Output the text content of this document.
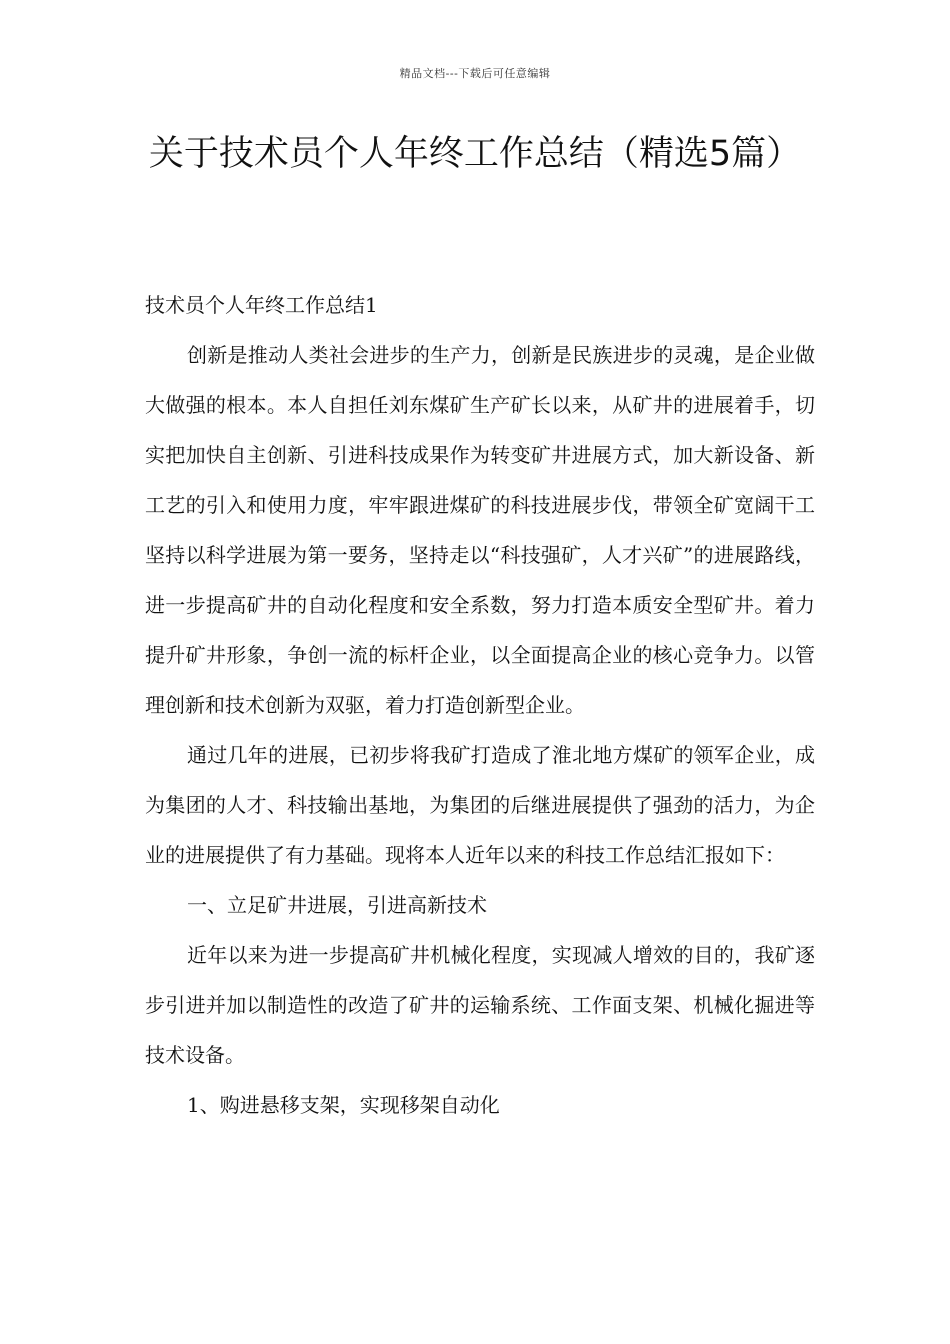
精品文档---下载后可任意编辑
关于技术员个人年终工作总结（精选5篇）

技术员个人年终工作总结1

创新是推动人类社会进步的生产力，创新是民族进步的灵魂，是企业做大做强的根本。本人自担任刘东煤矿生产矿长以来，从矿井的进展着手，切实把加快自主创新、引进科技成果作为转变矿井进展方式，加大新设备、新工艺的引入和使用力度，牢牢跟进煤矿的科技进展步伐，带领全矿宽阔干工坚持以科学进展为第一要务，坚持走以“科技强矿，人才兴矿”的进展路线，进一步提高矿井的自动化程度和安全系数，努力打造本质安全型矿井。着力提升矿井形象，争创一流的标杆企业，以全面提高企业的核心竞争力。以管理创新和技术创新为双驱，着力打造创新型企业。

通过几年的进展，已初步将我矿打造成了淮北地方煤矿的领军企业，成为集团的人才、科技输出基地，为集团的后继进展提供了强劲的活力，为企业的进展提供了有力基础。现将本人近年以来的科技工作总结汇报如下：

一、立足矿井进展，引进高新技术

近年以来为进一步提高矿井机械化程度，实现减人增效的目的，我矿逐步引进并加以制造性的改造了矿井的运输系统、工作面支架、机械化掘进等技术设备。

1、购进悬移支架，实现移架自动化
